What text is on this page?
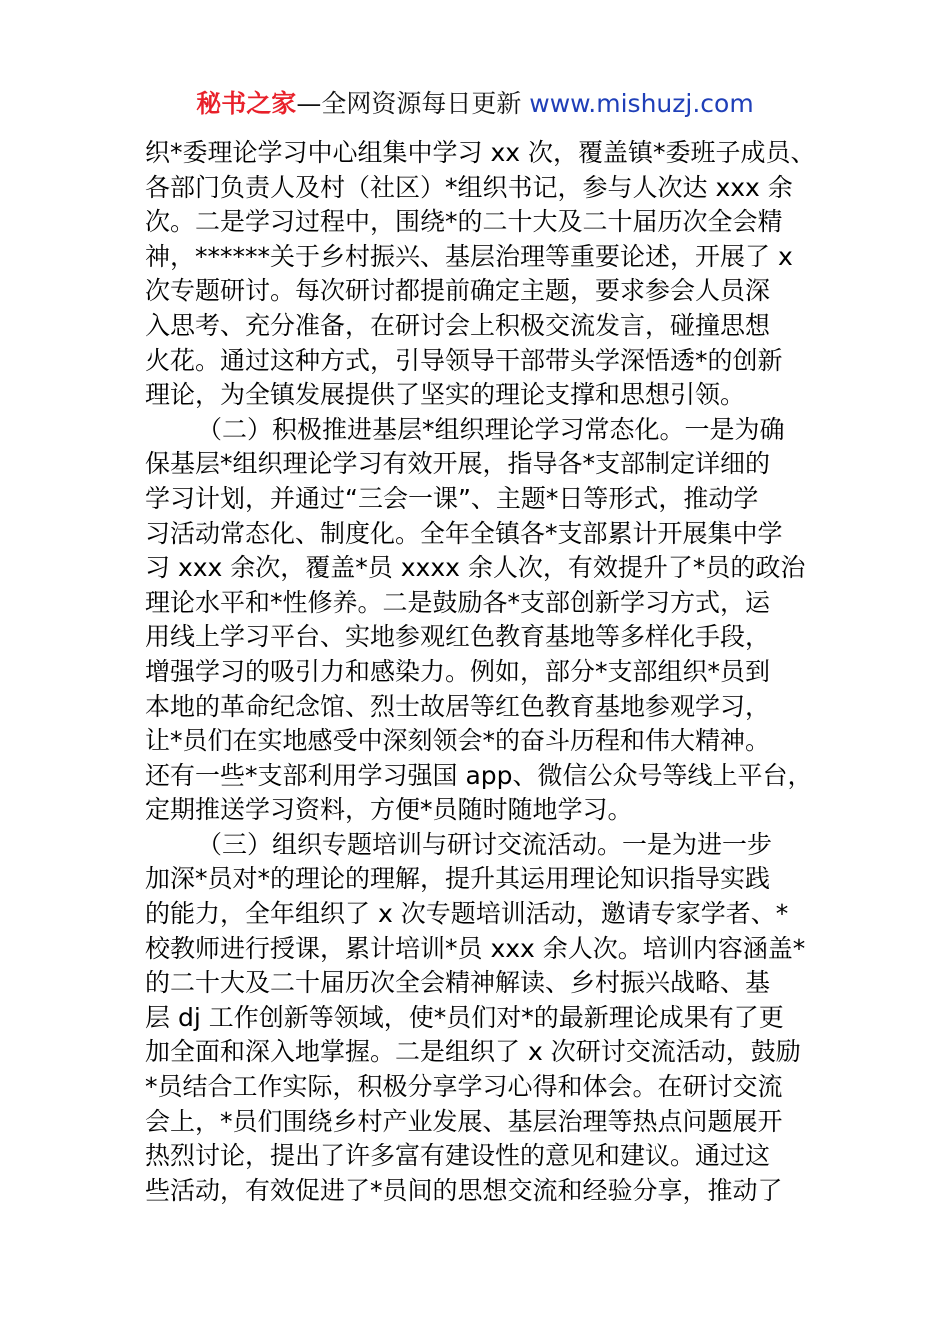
秘书之家—全网资源每日更新 www.mishuzj.com
织*委理论学习中心组集中学习 xx 次，覆盖镇*委班子成员、
各部门负责人及村（社区）*组织书记，参与人次达 xxx 余
次。二是学习过程中，围绕*的二十大及二十届历次全会精
神，******关于乡村振兴、基层治理等重要论述，开展了 x
次专题研讨。每次研讨都提前确定主题，要求参会人员深
入思考、充分准备，在研讨会上积极交流发言，碰撞思想
火花。通过这种方式，引导领导干部带头学深悟透*的创新
理论，为全镇发展提供了坚实的理论支撑和思想引领。
（二）积极推进基层*组织理论学习常态化。一是为确
保基层*组织理论学习有效开展，指导各*支部制定详细的
学习计划，并通过“三会一课”、主题*日等形式，推动学
习活动常态化、制度化。全年全镇各*支部累计开展集中学
习 xxx 余次，覆盖*员 xxxx 余人次，有效提升了*员的政治
理论水平和*性修养。二是鼓励各*支部创新学习方式，运
用线上学习平台、实地参观红色教育基地等多样化手段，
增强学习的吸引力和感染力。例如，部分*支部组织*员到
本地的革命纪念馆、烈士故居等红色教育基地参观学习，
让*员们在实地感受中深刻领会*的奋斗历程和伟大精神。
还有一些*支部利用学习强国 app、微信公众号等线上平台，
定期推送学习资料，方便*员随时随地学习。
（三）组织专题培训与研讨交流活动。一是为进一步
加深*员对*的理论的理解，提升其运用理论知识指导实践
的能力，全年组织了 x 次专题培训活动，邀请专家学者、*
校教师进行授课，累计培训*员 xxx 余人次。培训内容涵盖*
的二十大及二十届历次全会精神解读、乡村振兴战略、基
层 dj 工作创新等领域，使*员们对*的最新理论成果有了更
加全面和深入地掌握。二是组织了 x 次研讨交流活动，鼓励
*员结合工作实际，积极分享学习心得和体会。在研讨交流
会上，*员们围绕乡村产业发展、基层治理等热点问题展开
热烈讨论，提出了许多富有建设性的意见和建议。通过这
些活动，有效促进了*员间的思想交流和经验分享，推动了
